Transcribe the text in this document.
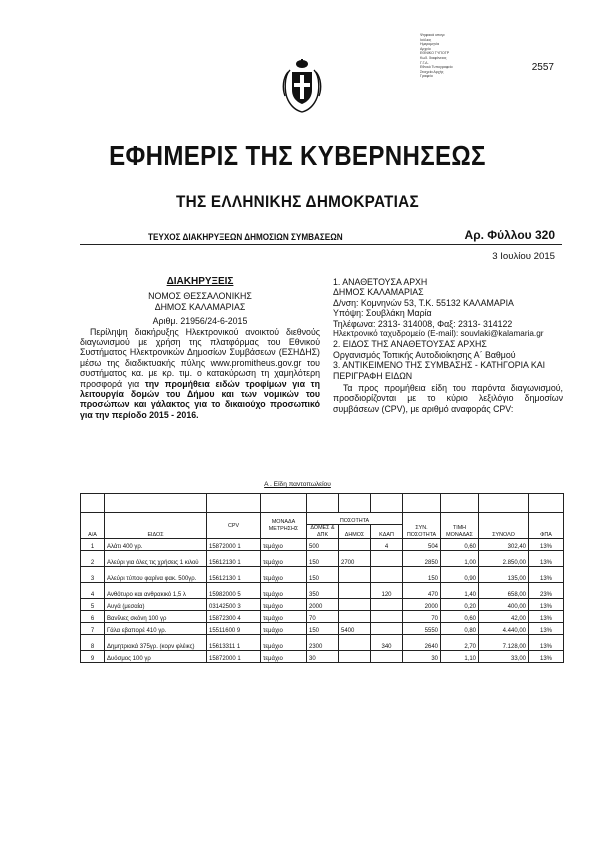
Ψηφιακά υπογε
Ιούλιος
Ημερομηνία
Αρχείο
ΕΘΝΙΚΟ ΤΥΠΟΓΡ
Κωδ. διαφάνειας
Γ.Γ.Δ.
Εθνικό Τυπογραφείο
Στοιχεία Αρχής
Γραφείο
2557
ΕΦΗΜΕΡΙΣ ΤΗΣ ΚΥΒΕΡΝΗΣΕΩΣ
ΤΗΣ ΕΛΛΗΝΙΚΗΣ ΔΗΜΟΚΡΑΤΙΑΣ
ΤΕΥΧΟΣ ΔΙΑΚΗΡΥΞΕΩΝ ΔΗΜΟΣΙΩΝ ΣΥΜΒΑΣΕΩΝ	Αρ. Φύλλου 320
3 Ιουλίου 2015
ΔΙΑΚΗΡΥΞΕΙΣ
ΝΟΜΟΣ ΘΕΣΣΑΛΟΝΙΚΗΣ
ΔΗΜΟΣ ΚΑΛΑΜΑΡΙΑΣ
Αριθμ. 21956/24-6-2015
Περίληψη διακήρυξης Ηλεκτρονικού ανοικτού διεθνούς διαγωνισμού με χρήση της πλατφόρμας του Εθνικού Συστήματος Ηλεκτρονικών Δημοσίων Συμβάσεων (ΕΣΗΔΗΣ) μέσω της διαδικτυακής πύλης www.promitheus.gov.gr του συστήματος κα. με κρ. τιμ. ο κατακύρωση τη χαμηλότερη προσφορά για την προμήθεια ειδών τροφίμων για τη λειτουργία δομών του Δήμου και των νομικών του προσώπων και γάλακτος για το δικαιούχο προσωπικό για την περίοδο 2015 - 2016.
1. ΑΝΑΘΕΤΟΥΣΑ ΑΡΧΗ
ΔΗΜΟΣ ΚΑΛΑΜΑΡΙΑΣ
Δ/νση: Κομνηνών 53, Τ.Κ. 55132 ΚΑΛΑΜΑΡΙΑ
Υπόψη: Σουβλάκη Μαρία
Τηλέφωνα: 2313- 314008, Φαξ: 2313- 314122
Ηλεκτρονικό ταχυδρομείο (E-mail): souvlaki@kalamaria.gr
2. ΕΙΔΟΣ ΤΗΣ ΑΝΑΘΕΤΟΥΣΑΣ ΑΡΧΗΣ
Οργανισμός Τοπικής Αυτοδιοίκησης Α΄ Βαθμού
3. ΑΝΤΙΚΕΙΜΕΝΟ ΤΗΣ ΣΥΜΒΑΣΗΣ - ΚΑΤΗΓΟΡΙΑ ΚΑΙ ΠΕΡΙΓΡΑΦΗ ΕΙΔΩΝ
Τα προς προμήθεια είδη του παρόντα διαγωνισμού, προσδιορίζονται με το κύριο λεξιλόγιο δημοσίων συμβάσεων (CPV), με αριθμό αναφοράς CPV:
Α . Είδη παντοπωλείου

Α/Α	ΕΙΔΟΣ	CPV	ΜΟΝΑΔΑ ΜΕΤΡΗΣΗΣ	ΠΟΣΟΤΗΤΑ			ΣΥΝ. ΠΟΣΟΤΗΤΑ	ΤΙΜΗ ΜΟΝΑΔΑΣ	ΣΥΝΟΛΟ	ΦΠΑ
				ΔΟΜΕΣ & ΔΠΚ	ΔΗΜΟΣ	ΚΔΑΠ				
1	Αλάτι 400 γρ.	15872000 1	τεμάχιο	500		4	504	0,60	302,40	13%
2	Αλεύρι για όλες τις χρήσεις 1 κιλού	15612130 1	τεμάχιο	150	2700		2850	1,00	2.850,00	13%
3	Αλεύρι τύπου φαρίνα φακ. 500γρ.	15612130 1	τεμάχιο	150			150	0,90	135,00	13%
4	Ανθότυρο και ανθρακικό 1,5 λ	15982000 5	τεμάχιο	350		120	470	1,40	658,00	23%
5	Αυγά (μεσαία)	03142500 3	τεμάχιο	2000			2000	0,20	400,00	13%
6	Βανίλιες σκόνη 100 γρ	15872300 4	τεμάχιο	70			70	0,60	42,00	13%
7	Γάλα εβαπορέ 410 γρ.	15511600 9	τεμάχιο	150	5400		5550	0,80	4.440,00	13%
8	Δημητριακά 375γρ. (κορν φλέικς)	15613311 1	τεμάχιο	2300		340	2640	2,70	7.128,00	13%
9	Δυόσμος 100 γρ	15872000 1	τεμάχιο	30			30	1,10	33,00	13%
